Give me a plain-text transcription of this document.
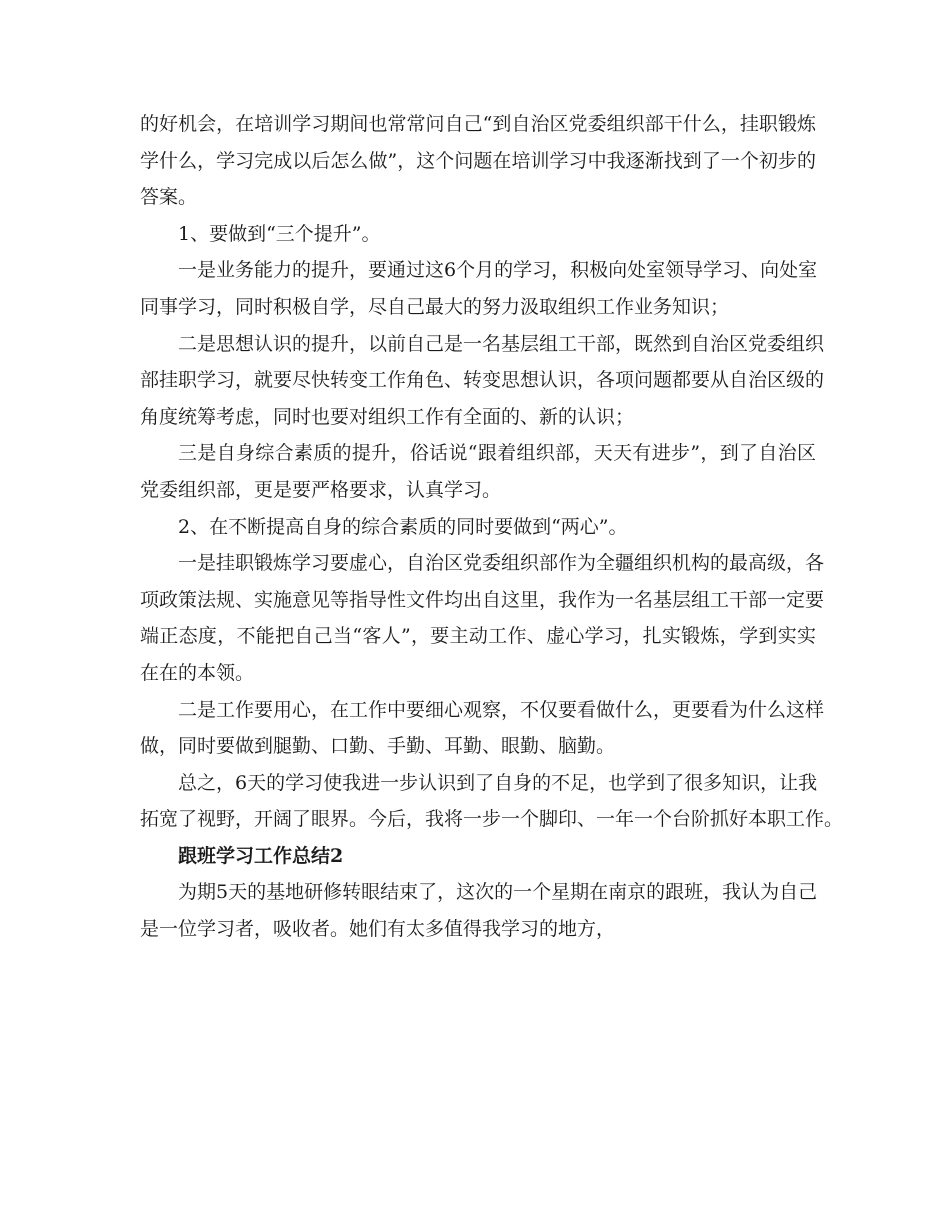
的好机会，在培训学习期间也常常问自己“到自治区党委组织部干什么，挂职锻炼

学什么，学习完成以后怎么做”，这个问题在培训学习中我逐渐找到了一个初步的

答案。

1、要做到“三个提升”。

一是业务能力的提升，要通过这6个月的学习，积极向处室领导学习、向处室

同事学习，同时积极自学，尽自己最大的努力汲取组织工作业务知识；

二是思想认识的提升，以前自己是一名基层组工干部，既然到自治区党委组织

部挂职学习，就要尽快转变工作角色、转变思想认识，各项问题都要从自治区级的

角度统筹考虑，同时也要对组织工作有全面的、新的认识；

三是自身综合素质的提升，俗话说“跟着组织部，天天有进步”，到了自治区

党委组织部，更是要严格要求，认真学习。

2、在不断提高自身的综合素质的同时要做到“两心”。

一是挂职锻炼学习要虚心，自治区党委组织部作为全疆组织机构的最高级，各

项政策法规、实施意见等指导性文件均出自这里，我作为一名基层组工干部一定要

端正态度，不能把自己当“客人”，要主动工作、虚心学习，扎实锻炼，学到实实

在在的本领。

二是工作要用心，在工作中要细心观察，不仅要看做什么，更要看为什么这样

做，同时要做到腿勤、口勤、手勤、耳勤、眼勤、脑勤。

总之，6天的学习使我进一步认识到了自身的不足，也学到了很多知识，让我

拓宽了视野，开阔了眼界。今后，我将一步一个脚印、一年一个台阶抓好本职工作。

跟班学习工作总结2

为期5天的基地研修转眼结束了，这次的一个星期在南京的跟班，我认为自己

是一位学习者，吸收者。她们有太多值得我学习的地方，
